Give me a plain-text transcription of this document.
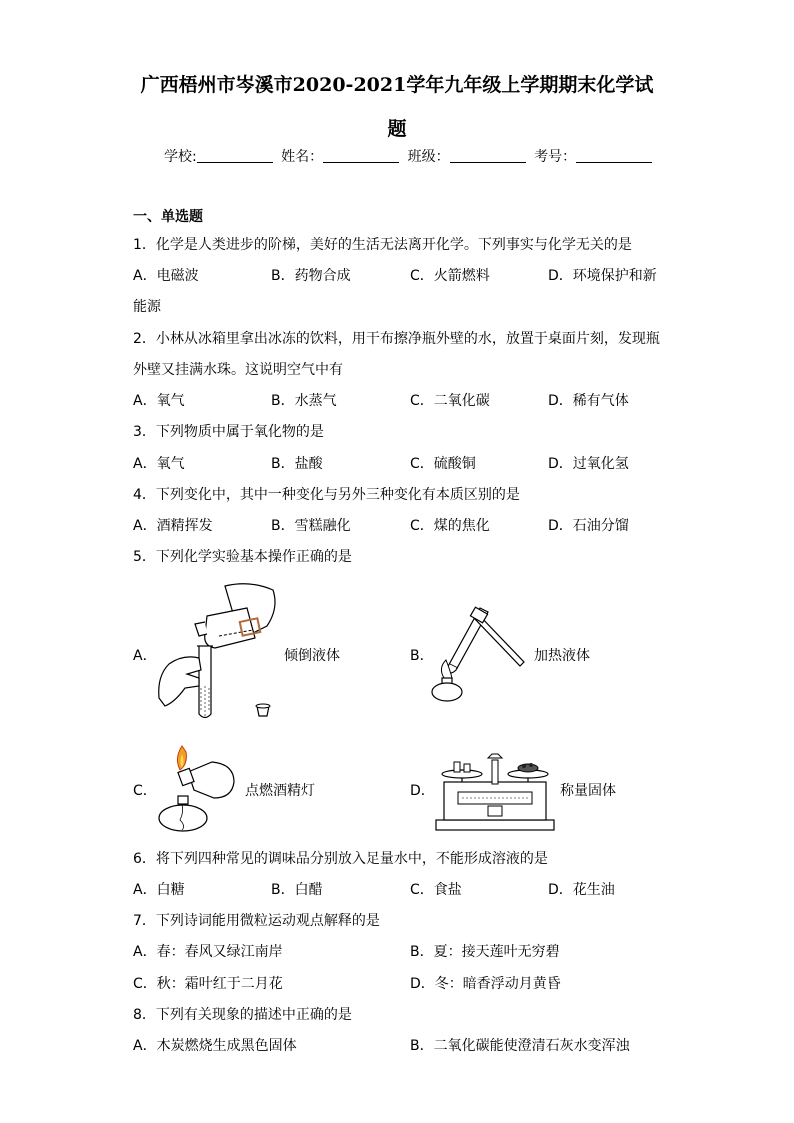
广西梧州市岑溪市2020-2021学年九年级上学期期末化学试
题
学校:	姓名：	班级：	考号：
一、单选题
1．化学是人类进步的阶梯，美好的生活无法离开化学。下列事实与化学无关的是
A．电磁波	B．药物合成	C．火箭燃料	D．环境保护和新
能源
2．小林从冰箱里拿出冰冻的饮料，用干布擦净瓶外壁的水，放置于桌面片刻，发现瓶
外壁又挂满水珠。这说明空气中有
A．氧气	B．水蒸气	C．二氧化碳	D．稀有气体
3．下列物质中属于氧化物的是
A．氧气	B．盐酸	C．硫酸铜	D．过氧化氢
4．下列变化中，其中一种变化与另外三种变化有本质区别的是
A．酒精挥发	B．雪糕融化	C．煤的焦化	D．石油分馏
5．下列化学实验基本操作正确的是
A．	倾倒液体	B．	加热液体
C．	点燃酒精灯	D．	称量固体
6．将下列四种常见的调味品分别放入足量水中，不能形成溶液的是
A．白糖	B．白醋	C．食盐	D．花生油
7．下列诗词能用微粒运动观点解释的是
A．春：春风又绿江南岸	B．夏：接天莲叶无穷碧
C．秋：霜叶红于二月花	D．冬：暗香浮动月黄昏
8．下列有关现象的描述中正确的是
A．木炭燃烧生成黑色固体	B．二氧化碳能使澄清石灰水变浑浊
